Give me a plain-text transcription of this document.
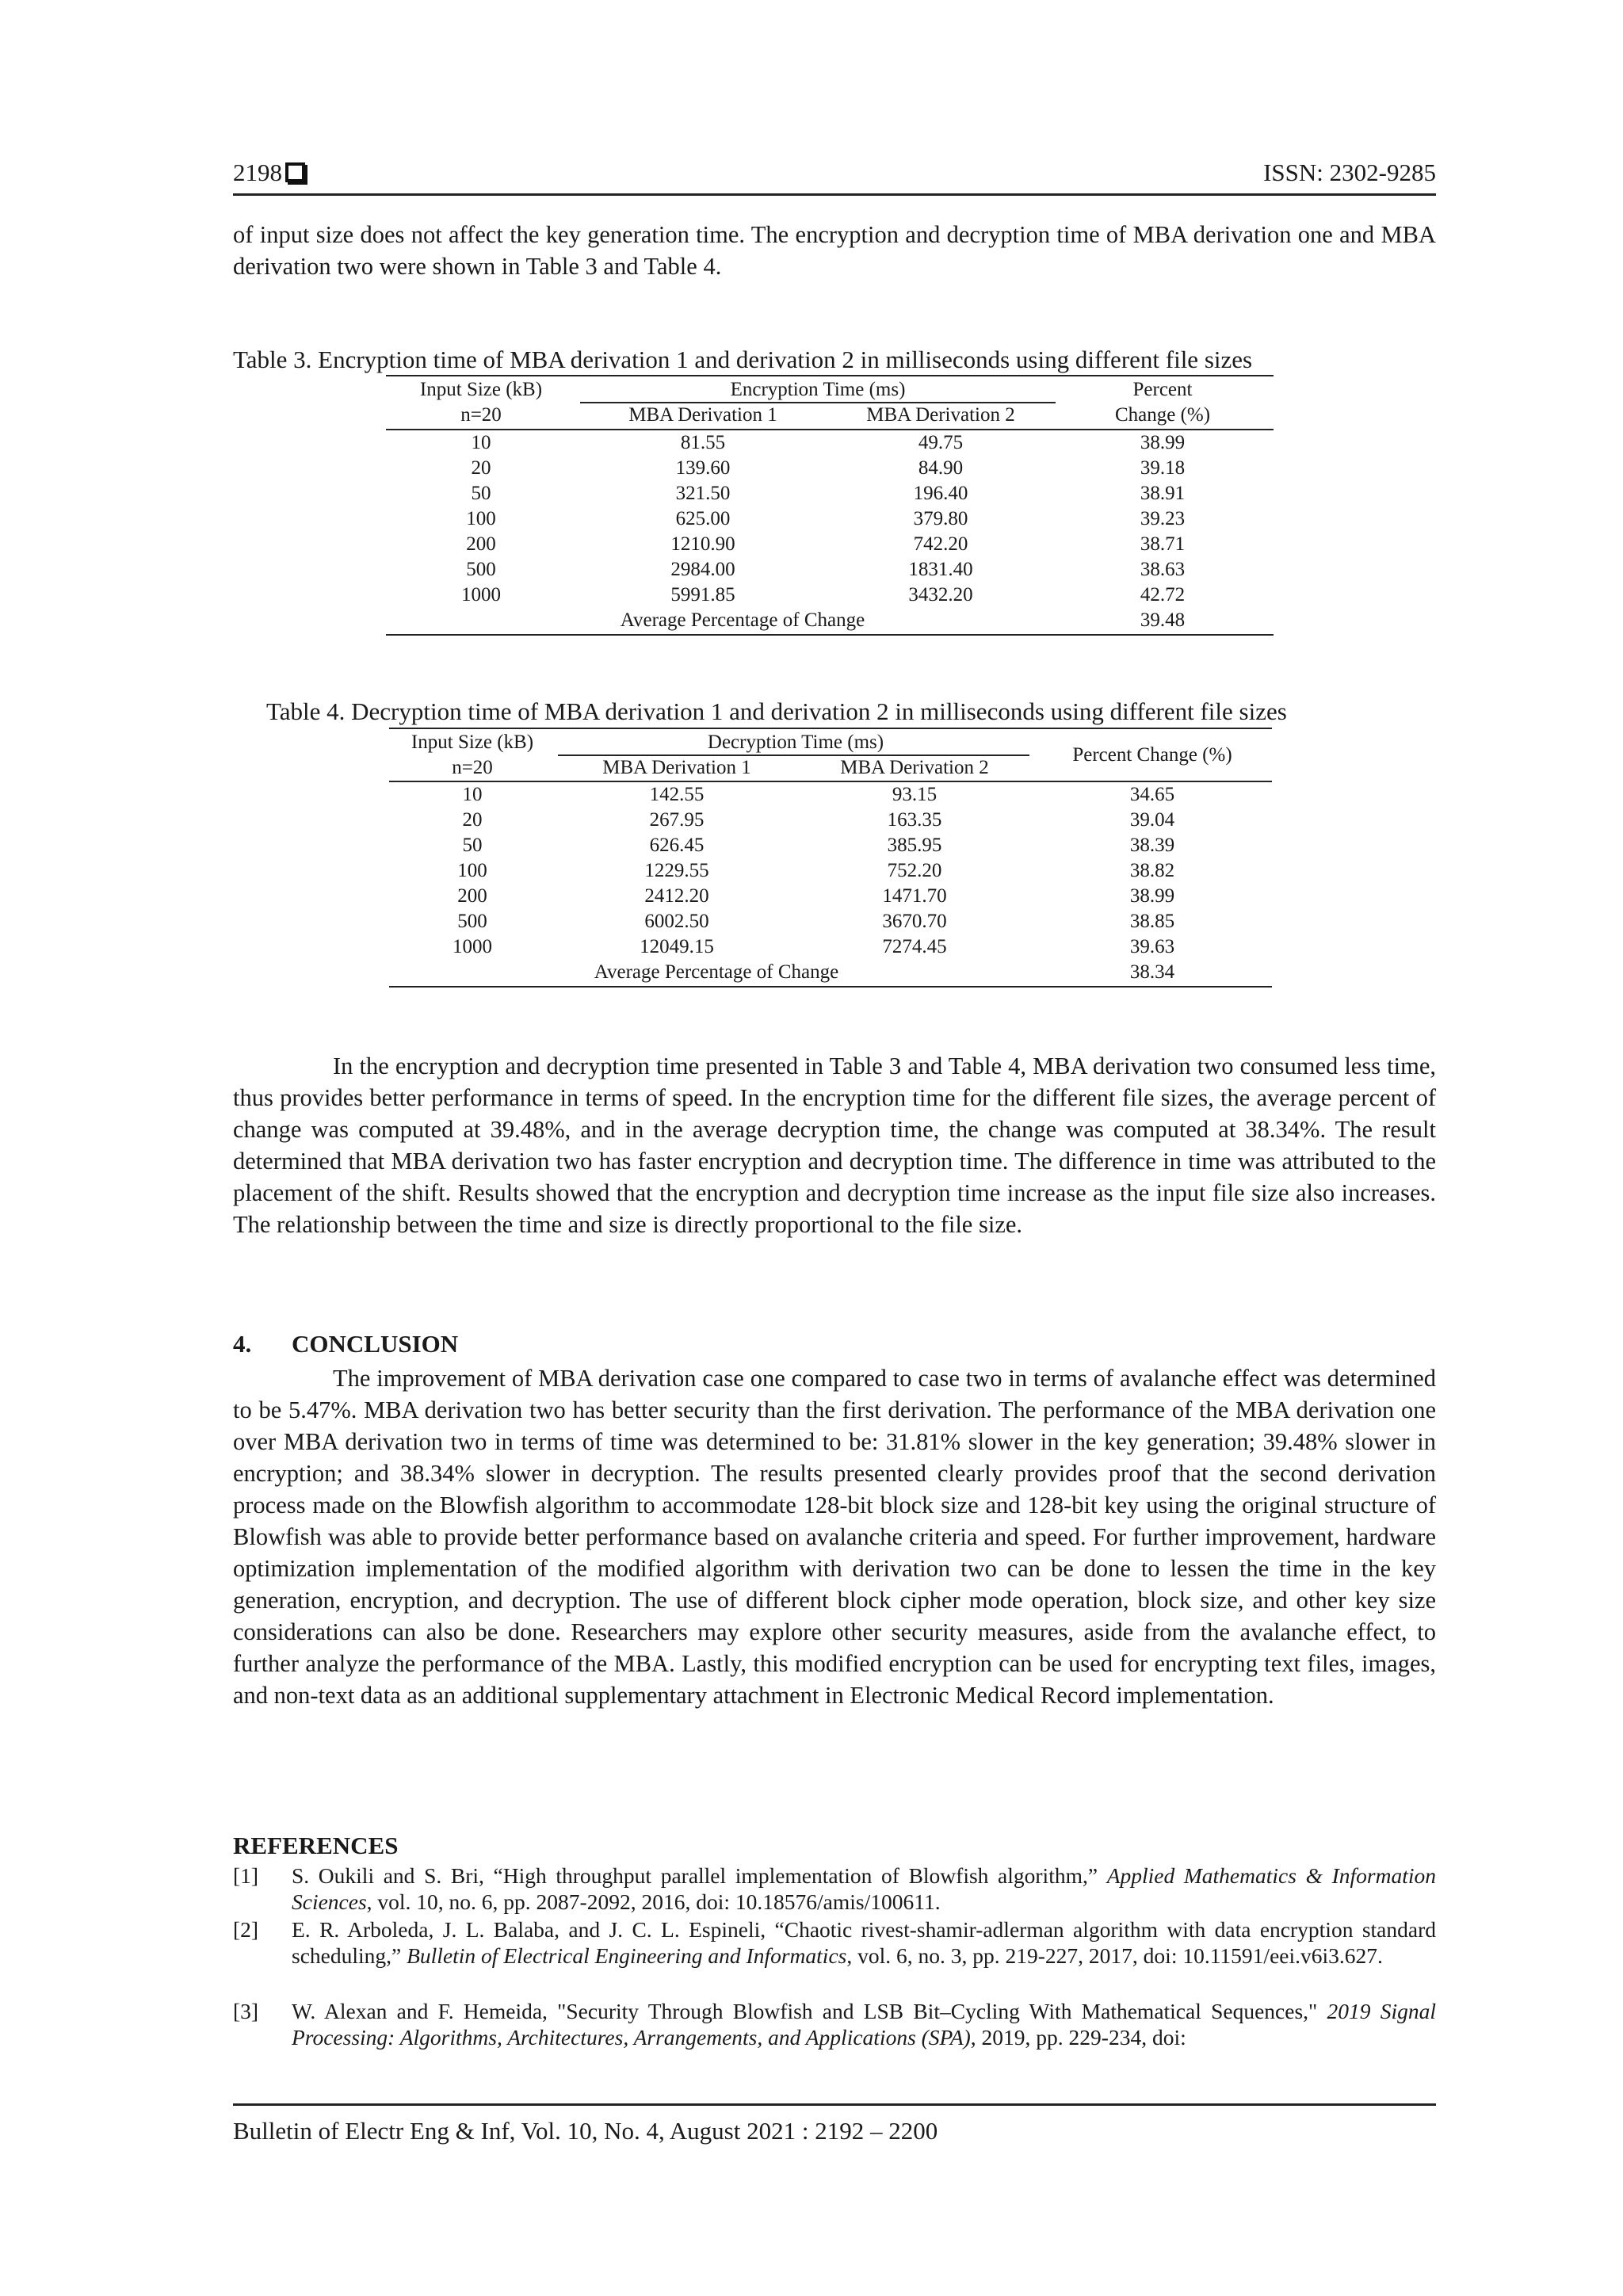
2198	ISSN: 2302-9285

of input size does not affect the key generation time. The encryption and decryption time of MBA derivation one and MBA derivation two were shown in Table 3 and Table 4.

Table 3. Encryption time of MBA derivation 1 and derivation 2 in milliseconds using different file sizes

Input Size (kB)
n=20
Encryption Time (ms)
MBA Derivation 1	MBA Derivation 2
Percent
Change (%)
10	81.55	49.75	38.99
20	139.60	84.90	39.18
50	321.50	196.40	38.91
100	625.00	379.80	39.23
200	1210.90	742.20	38.71
500	2984.00	1831.40	38.63
1000	5991.85	3432.20	42.72
Average Percentage of Change	39.48

Table 4. Decryption time of MBA derivation 1 and derivation 2 in milliseconds using different file sizes

Input Size (kB)
n=20
Decryption Time (ms)
MBA Derivation 1	MBA Derivation 2
Percent Change (%)
10	142.55	93.15	34.65
20	267.95	163.35	39.04
50	626.45	385.95	38.39
100	1229.55	752.20	38.82
200	2412.20	1471.70	38.99
500	6002.50	3670.70	38.85
1000	12049.15	7274.45	39.63
Average Percentage of Change	38.34

In the encryption and decryption time presented in Table 3 and Table 4, MBA derivation two consumed less time, thus provides better performance in terms of speed. In the encryption time for the different file sizes, the average percent of change was computed at 39.48%, and in the average decryption time, the change was computed at 38.34%. The result determined that MBA derivation two has faster encryption and decryption time. The difference in time was attributed to the placement of the shift. Results showed that the encryption and decryption time increase as the input file size also increases. The relationship between the time and size is directly proportional to the file size.

4. CONCLUSION

The improvement of MBA derivation case one compared to case two in terms of avalanche effect was determined to be 5.47%. MBA derivation two has better security than the first derivation. The performance of the MBA derivation one over MBA derivation two in terms of time was determined to be: 31.81% slower in the key generation; 39.48% slower in encryption; and 38.34% slower in decryption. The results presented clearly provides proof that the second derivation process made on the Blowfish algorithm to accommodate 128-bit block size and 128-bit key using the original structure of Blowfish was able to provide better performance based on avalanche criteria and speed. For further improvement, hardware optimization implementation of the modified algorithm with derivation two can be done to lessen the time in the key generation, encryption, and decryption. The use of different block cipher mode operation, block size, and other key size considerations can also be done. Researchers may explore other security measures, aside from the avalanche effect, to further analyze the performance of the MBA. Lastly, this modified encryption can be used for encrypting text files, images, and non-text data as an additional supplementary attachment in Electronic Medical Record implementation.

REFERENCES
[1] S. Oukili and S. Bri, “High throughput parallel implementation of Blowfish algorithm,” Applied Mathematics & Information Sciences, vol. 10, no. 6, pp. 2087-2092, 2016, doi: 10.18576/amis/100611.
[2] E. R. Arboleda, J. L. Balaba, and J. C. L. Espineli, “Chaotic rivest-shamir-adlerman algorithm with data encryption standard scheduling,” Bulletin of Electrical Engineering and Informatics, vol. 6, no. 3, pp. 219-227, 2017, doi: 10.11591/eei.v6i3.627.
[3] W. Alexan and F. Hemeida, "Security Through Blowfish and LSB Bit–Cycling With Mathematical Sequences," 2019 Signal Processing: Algorithms, Architectures, Arrangements, and Applications (SPA), 2019, pp. 229-234, doi:
Bulletin of Electr Eng & Inf, Vol. 10, No. 4, August 2021 : 2192 – 2200
